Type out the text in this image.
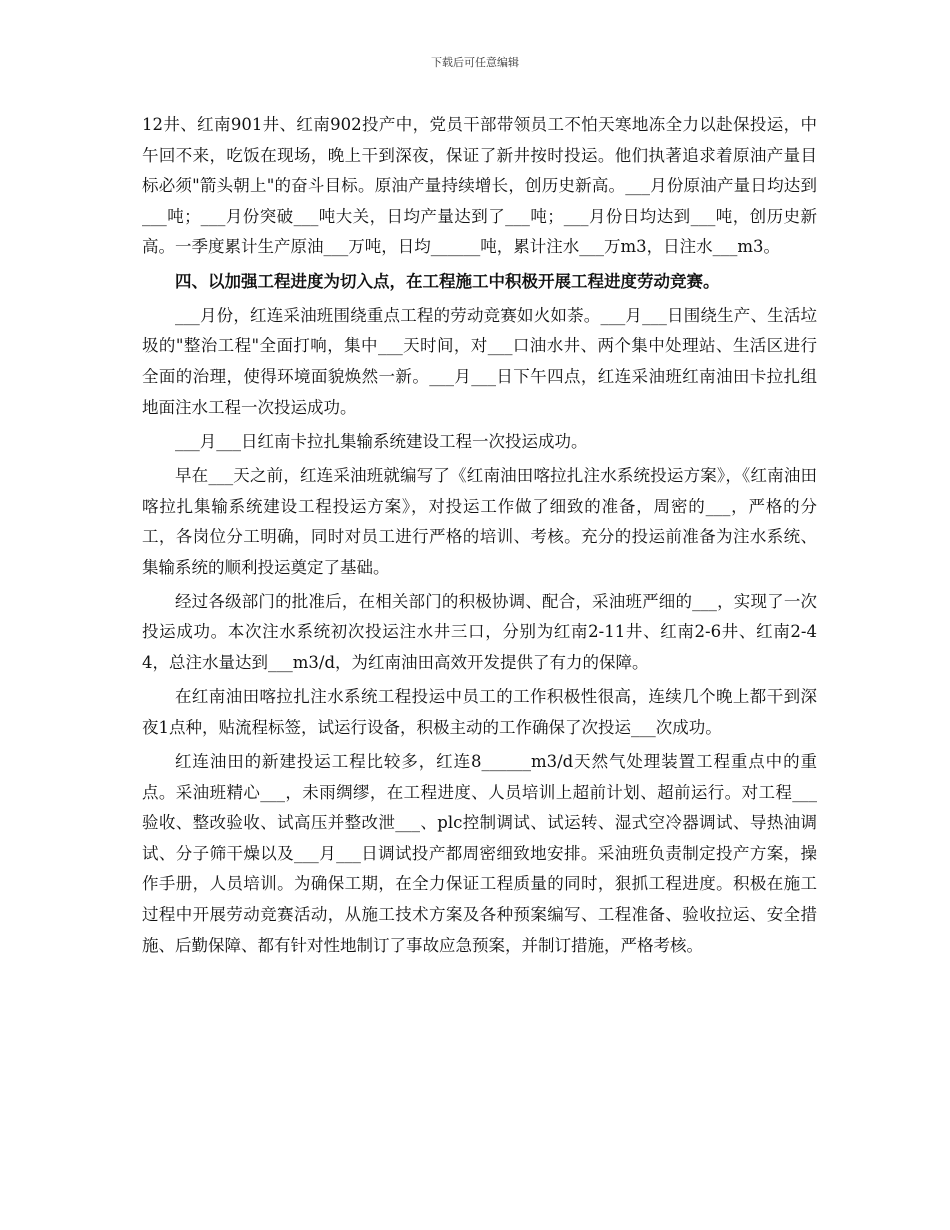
下载后可任意编辑

12井、红南901井、红南902投产中，党员干部带领员工不怕天寒地冻全力以赴保投运，中午回不来，吃饭在现场，晚上干到深夜，保证了新井按时投运。他们执著追求着原油产量目标必须"箭头朝上"的奋斗目标。原油产量持续增长，创历史新高。___月份原油产量日均达到___吨；___月份突破___吨大关，日均产量达到了___吨；___月份日均达到___吨，创历史新高。一季度累计生产原油___万吨，日均______吨，累计注水___万m3，日注水___m3。

四、以加强工程进度为切入点，在工程施工中积极开展工程进度劳动竞赛。

___月份，红连采油班围绕重点工程的劳动竞赛如火如荼。___月___日围绕生产、生活垃圾的"整治工程"全面打响，集中___天时间，对___口油水井、两个集中处理站、生活区进行全面的治理，使得环境面貌焕然一新。___月___日下午四点，红连采油班红南油田卡拉扎组地面注水工程一次投运成功。

___月___日红南卡拉扎集输系统建设工程一次投运成功。

早在___天之前，红连采油班就编写了《红南油田喀拉扎注水系统投运方案》，《红南油田喀拉扎集输系统建设工程投运方案》，对投运工作做了细致的准备，周密的___，严格的分工，各岗位分工明确，同时对员工进行严格的培训、考核。充分的投运前准备为注水系统、集输系统的顺利投运奠定了基础。

经过各级部门的批准后，在相关部门的积极协调、配合，采油班严细的___，实现了一次投运成功。本次注水系统初次投运注水井三口，分别为红南2-11井、红南2-6井、红南2-44，总注水量达到___m3/d，为红南油田高效开发提供了有力的保障。

在红南油田喀拉扎注水系统工程投运中员工的工作积极性很高，连续几个晚上都干到深夜1点种，贴流程标签，试运行设备，积极主动的工作确保了次投运___次成功。

红连油田的新建投运工程比较多，红连8______m3/d天然气处理装置工程重点中的重点。采油班精心___，未雨绸缪，在工程进度、人员培训上超前计划、超前运行。对工程___验收、整改验收、试高压并整改泄___、plc控制调试、试运转、湿式空冷器调试、导热油调试、分子筛干燥以及___月___日调试投产都周密细致地安排。采油班负责制定投产方案，操作手册，人员培训。为确保工期，在全力保证工程质量的同时，狠抓工程进度。积极在施工过程中开展劳动竞赛活动，从施工技术方案及各种预案编写、工程准备、验收拉运、安全措施、后勤保障、都有针对性地制订了事故应急预案，并制订措施，严格考核。
